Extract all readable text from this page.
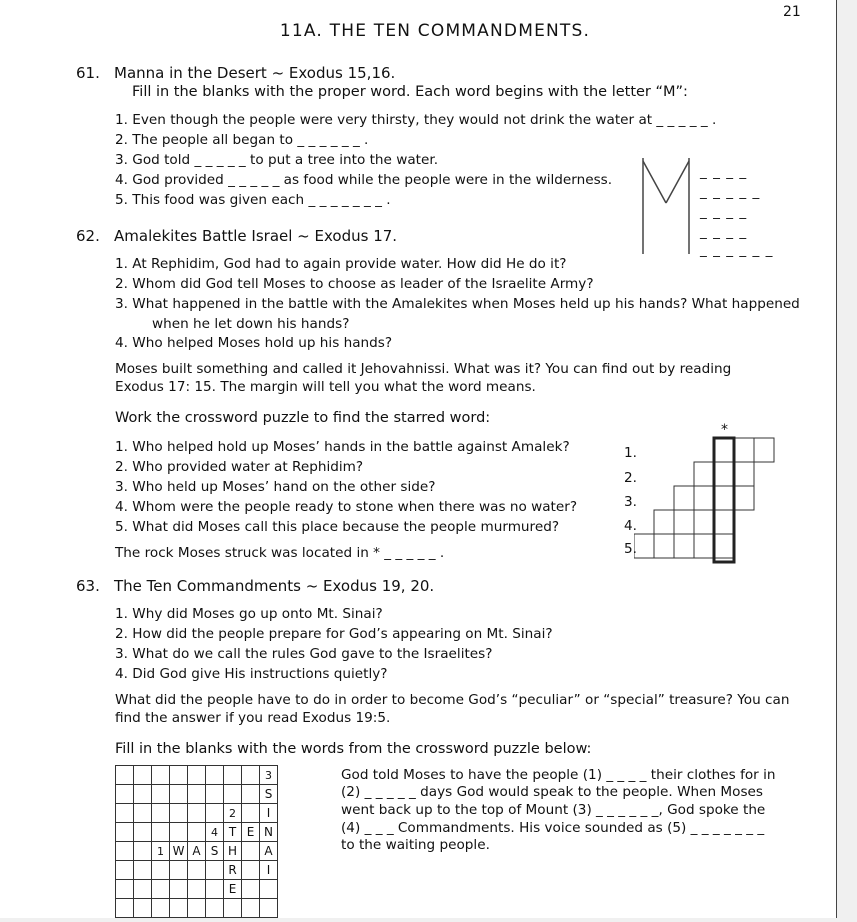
21
11A. THE TEN COMMANDMENTS.
61. Manna in the Desert ~ Exodus 15,16.
Fill in the blanks with the proper word. Each word begins with the letter “M”:
1. Even though the people were very thirsty, they would not drink the water at _ _ _ _ _ .
2. The people all began to _ _ _ _ _ _ .
3. God told _ _ _ _ _ to put a tree into the water.
4. God provided _ _ _ _ _ as food while the people were in the wilderness.
5. This food was given each _ _ _ _ _ _ _ .
_ _ _ _
_ _ _ _ _
_ _ _ _
_ _ _ _
_ _ _ _ _ _
62. Amalekites Battle Israel ~ Exodus 17.
1. At Rephidim, God had to again provide water. How did He do it?
2. Whom did God tell Moses to choose as leader of the Israelite Army?
3. What happened in the battle with the Amalekites when Moses held up his hands? What happened
when he let down his hands?
4. Who helped Moses hold up his hands?
Moses built something and called it Jehovahnissi. What was it? You can find out by reading
Exodus 17: 15. The margin will tell you what the word means.
Work the crossword puzzle to find the starred word:
1. Who helped hold up Moses’ hands in the battle against Amalek?
2. Who provided water at Rephidim?
3. Who held up Moses’ hand on the other side?
4. Whom were the people ready to stone when there was no water?
5. What did Moses call this place because the people murmured?
The rock Moses struck was located in * _ _ _ _ _ .
*
1.
2.
3.
4.
5.
63. The Ten Commandments ~ Exodus 19, 20.
1. Why did Moses go up onto Mt. Sinai?
2. How did the people prepare for God’s appearing on Mt. Sinai?
3. What do we call the rules God gave to the Israelites?
4. Did God give His instructions quietly?
What did the people have to do in order to become God’s “peculiar” or “special” treasure? You can
find the answer if you read Exodus 19:5.
Fill in the blanks with the words from the crossword puzzle below:
God told Moses to have the people (1) _ _ _ _ their clothes for in
(2) _ _ _ _ _ days God would speak to the people. When Moses
went back up to the top of Mount (3) _ _ _ _ _ _, God spoke the
(4) _ _ _ Commandments. His voice sounded as (5) _ _ _ _ _ _ _
to the waiting people.
								3
								S
						2		I
					4	T	E	N
		1	W	A	S	H		A
						R		I
						E		
